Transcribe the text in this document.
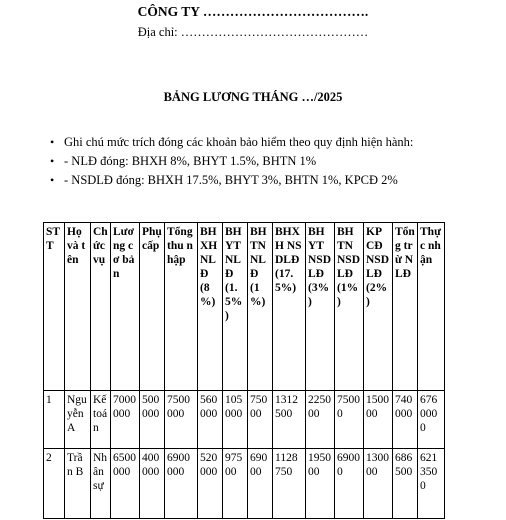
CÔNG TY ……………………………….
Địa chỉ: ………………………………………
BẢNG LƯƠNG THÁNG …/2025
• Ghi chú mức trích đóng các khoản bảo hiểm theo quy định hiện hành:
• - NLĐ đóng: BHXH 8%, BHYT 1.5%, BHTN 1%
• - NSDLĐ đóng: BHXH 17.5%, BHYT 3%, BHTN 1%, KPCĐ 2%
STT	Họ và tên	Chức vụ	Lương cơ bản	Phụ cấp	Tổng thu nhập	BHXH NLĐ (8%)	BHYT NLĐ (1.5%)	BHTN NLĐ (1%)	BHXH NSDLĐ (17.5%)	BHYT NSDLĐ (3%)	BHTN NSDLĐ (1%)	KPCĐ NSDLĐ (2%)	Tổng trừ NLĐ	Thực nhận
1	Nguyễn A	Kế toán	7000000	500000	7500000	560000	105000	75000	1312500	225000	75000	150000	740000	6760000
2	Trần B	Nhân sự	6500000	400000	6900000	520000	97500	69000	1128750	195000	69000	130000	686500	6213500
